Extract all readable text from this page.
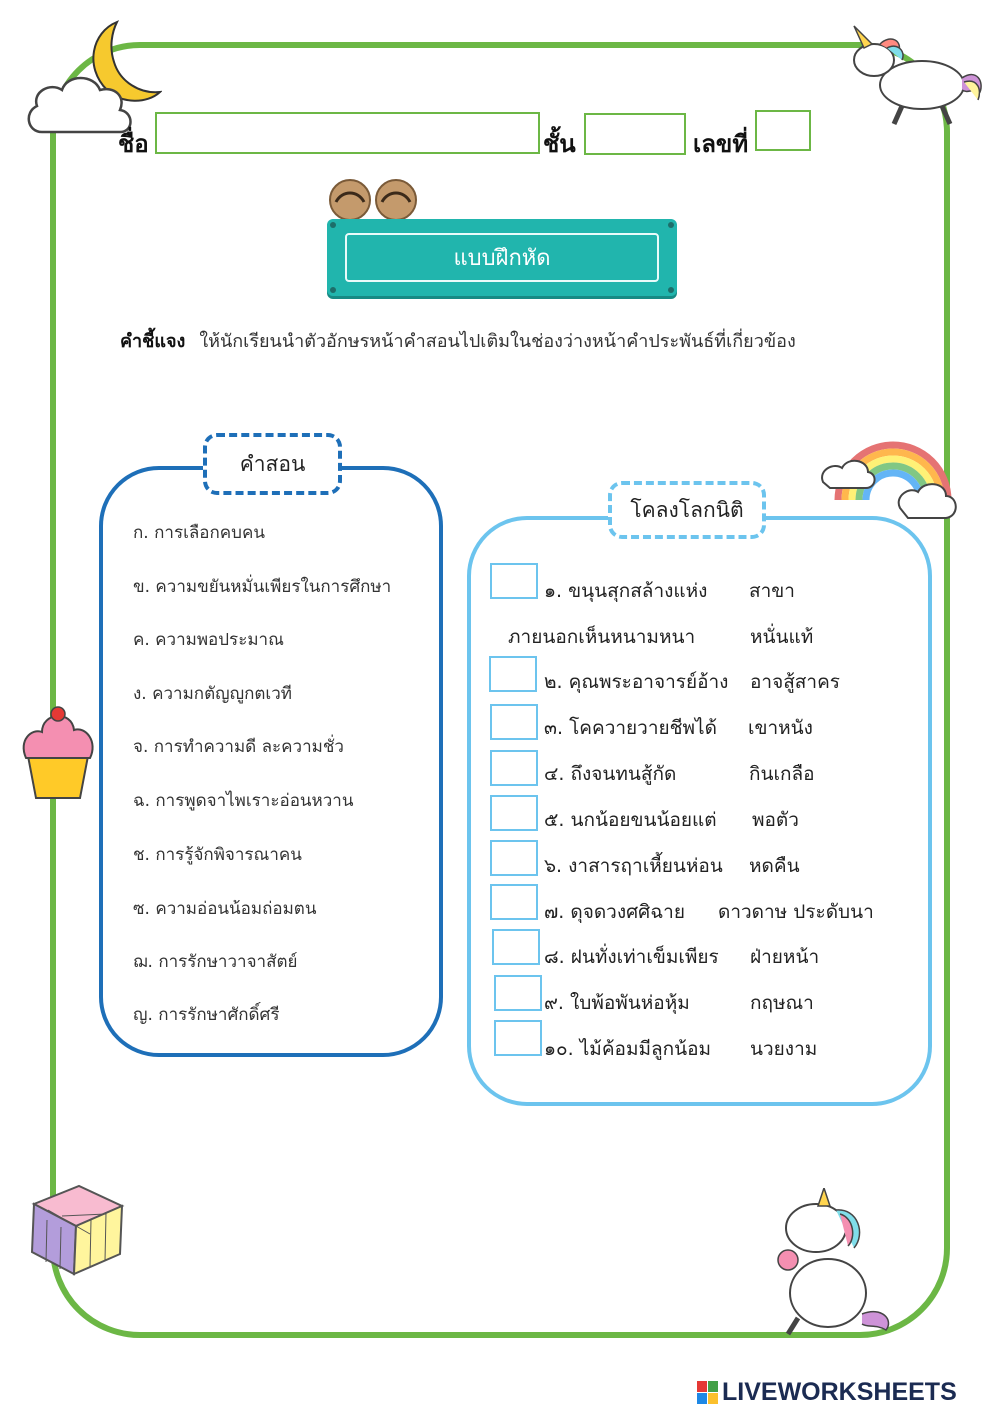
ชื่อ	ชั้น	เลขที่
แบบฝึกหัด
คำชี้แจง ให้นักเรียนนำตัวอักษรหน้าคำสอนไปเติมในช่องว่างหน้าคำประพันธ์ที่เกี่ยวข้อง
คำสอน
ก. การเลือกคบคน
ข. ความขยันหมั่นเพียรในการศึกษา
ค. ความพอประมาณ
ง. ความกตัญญูกตเวที
จ. การทำความดี ละความชั่ว
ฉ. การพูดจาไพเราะอ่อนหวาน
ช. การรู้จักพิจารณาคน
ซ. ความอ่อนน้อมถ่อมตน
ฌ. การรักษาวาจาสัตย์
ญ. การรักษาศักดิ์ศรี
โคลงโลกนิติ
๑. ขนุนสุกสล้างแห่ง สาขา
ภายนอกเห็นหนามหนา	หนั่นแท้
๒. คุณพระอาจารย์อ้าง อาจสู้สาคร
๓. โคควายวายชีพได้ เขาหนัง
๔. ถึงจนทนสู้กัด	กินเกลือ
๕. นกน้อยขนน้อยแต่ พอตัว
๖. งาสารฤาเหี้ยนห่อน หดคืน
๗. ดุจดวงศศิฉาย ดาวดาษ ประดับนา
๘. ฝนทั่งเท่าเข็มเพียร ฝ่ายหน้า
๙. ใบพ้อพันห่อหุ้ม	กฤษณา
๑๐. ไม้ค้อมมีลูกน้อม นวยงาม
LIVEWORKSHEETS
